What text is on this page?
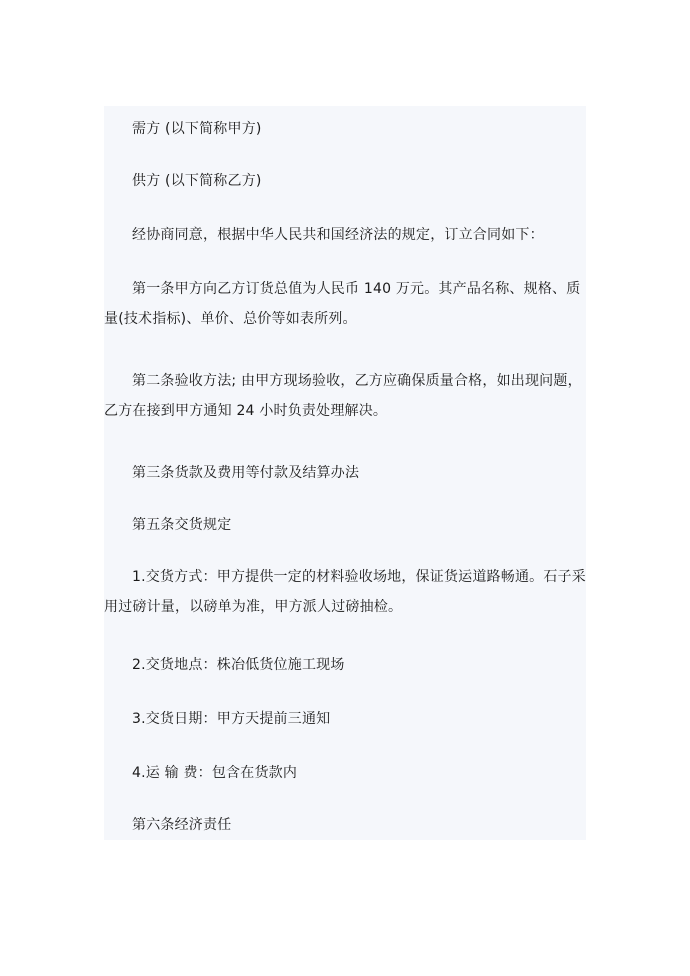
需方 (以下简称甲方)

供方 (以下简称乙方)

经协商同意，根据中华人民共和国经济法的规定，订立合同如下：

第一条甲方向乙方订货总值为人民币 140 万元。其产品名称、规格、质量(技术指标)、单价、总价等如表所列。

第二条验收方法; 由甲方现场验收，乙方应确保质量合格，如出现问题，乙方在接到甲方通知 24 小时负责处理解决。

第三条货款及费用等付款及结算办法

第五条交货规定

1.交货方式：甲方提供一定的材料验收场地，保证货运道路畅通。石子采用过磅计量，以磅单为准，甲方派人过磅抽检。

2.交货地点：株冶低货位施工现场

3.交货日期：甲方天提前三通知

4.运 输 费：包含在货款内

第六条经济责任
